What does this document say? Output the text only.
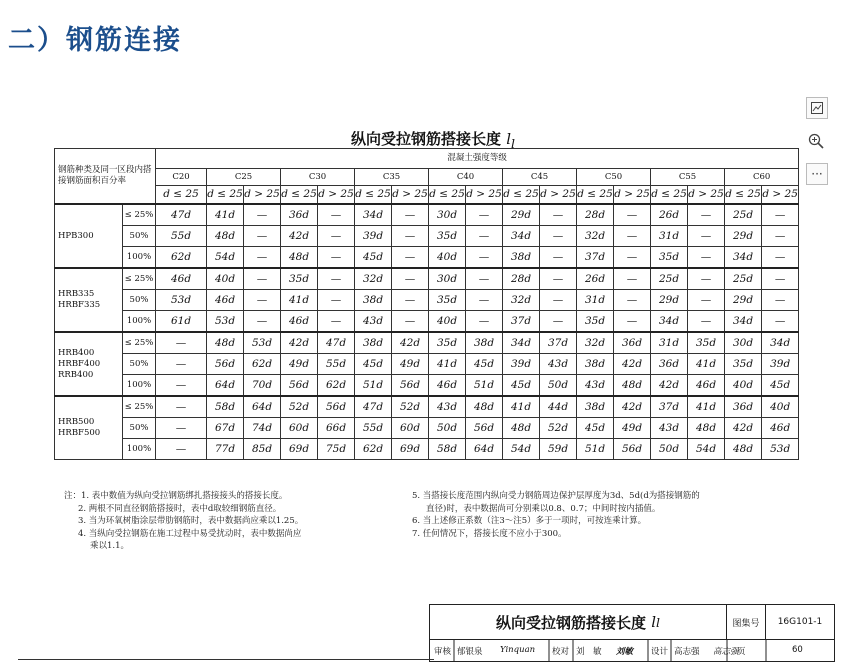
二）钢筋连接
···
纵向受拉钢筋搭接长度 $l_l$
钢筋种类及同一区段内搭接钢筋面积百分率		混凝土强度等级																
		C20	C25		C30		C35		C40		C45		C50		C55		C60	
		d ≤ 25	d ≤ 25	d > 25	d ≤ 25	d > 25	d ≤ 25	d > 25	d ≤ 25	d > 25	d ≤ 25	d > 25	d ≤ 25	d > 25	d ≤ 25	d > 25	d ≤ 25	d > 25

HPB300	≤ 25%	47d	41d	—	36d	—	34d	—	30d	—	29d	—	28d	—	26d	—	25d	—
	50%	55d	48d	—	42d	—	39d	—	35d	—	34d	—	32d	—	31d	—	29d	—
	100%	62d	54d	—	48d	—	45d	—	40d	—	38d	—	37d	—	35d	—	34d	—

HRB335
HRBF335	≤ 25%	46d	40d	—	35d	—	32d	—	30d	—	28d	—	26d	—	25d	—	25d	—
	50%	53d	46d	—	41d	—	38d	—	35d	—	32d	—	31d	—	29d	—	29d	—
	100%	61d	53d	—	46d	—	43d	—	40d	—	37d	—	35d	—	34d	—	34d	—

HRB400
HRBF400
RRB400	≤ 25%	—	48d	53d	42d	47d	38d	42d	35d	38d	34d	37d	32d	36d	31d	35d	30d	34d
	50%	—	56d	62d	49d	55d	45d	49d	41d	45d	39d	43d	38d	42d	36d	41d	35d	39d
	100%	—	64d	70d	56d	62d	51d	56d	46d	51d	45d	50d	43d	48d	42d	46d	40d	45d

HRB500
HRBF500	≤ 25%	—	58d	64d	52d	56d	47d	52d	43d	48d	41d	44d	38d	42d	37d	41d	36d	40d
	50%	—	67d	74d	60d	66d	55d	60d	50d	56d	48d	52d	45d	49d	43d	48d	42d	46d
	100%	—	77d	85d	69d	75d	62d	69d	58d	64d	54d	59d	51d	56d	50d	54d	48d	53d
注：1. 表中数值为纵向受拉钢筋绑扎搭接接头的搭接长度。
2. 两根不同直径钢筋搭接时，表中d取较细钢筋直径。
3. 当为环氧树脂涂层带肋钢筋时，表中数据尚应乘以1.25。
4. 当纵向受拉钢筋在施工过程中易受扰动时，表中数据尚应
乘以1.1。
5. 当搭接长度范围内纵向受力钢筋周边保护层厚度为3d、5d(d为搭接钢筋的
直径)时，表中数据尚可分别乘以0.8、0.7；中间时按内插值。
6. 当上述修正系数（注3～注5）多于一项时，可按连乘计算。
7. 任何情况下，搭接长度不应小于300。
纵向受拉钢筋搭接长度
l l	图集号	16G101-1
审核 郁银泉 Yinquan 校对 刘　敏 刘敏 设计 高志强 高志强
页	60
